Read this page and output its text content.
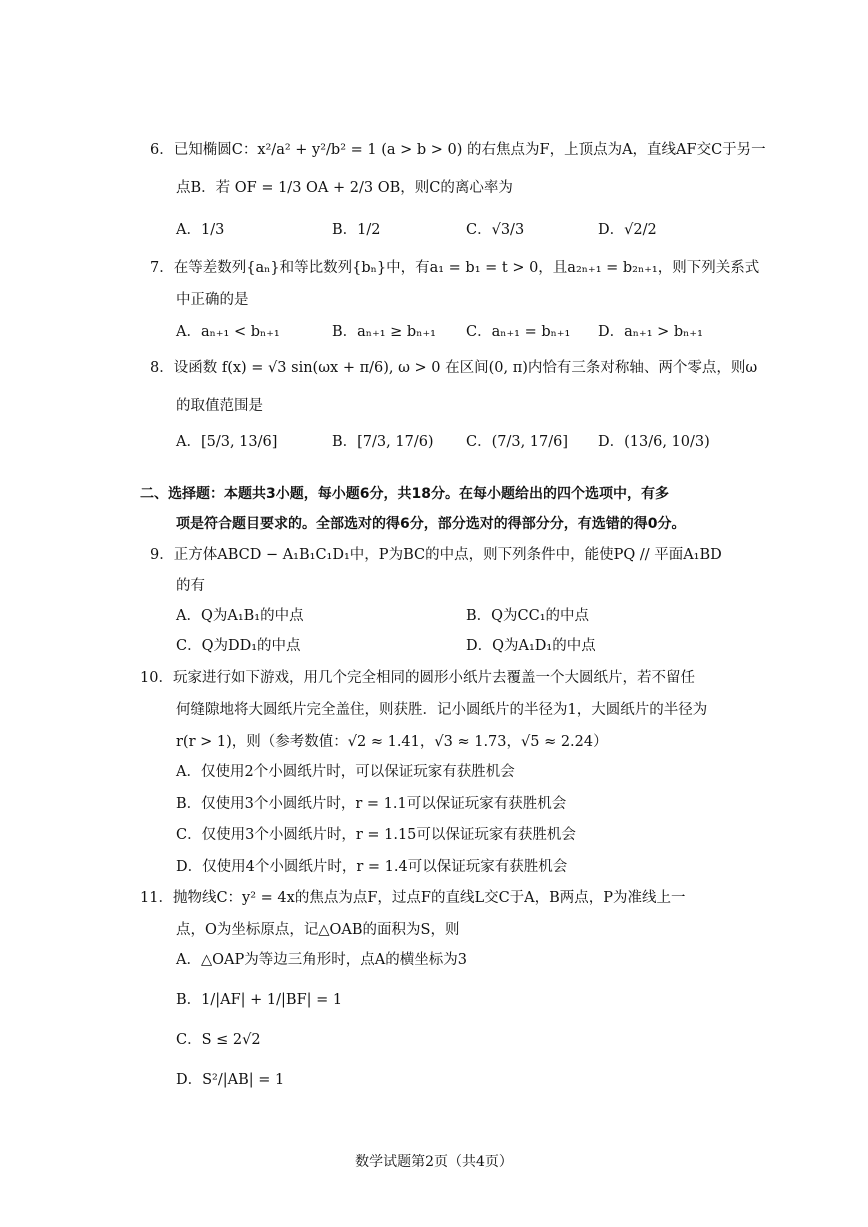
6．已知椭圆C：x²/a² + y²/b² = 1 (a > b > 0) 的右焦点为F，上顶点为A，直线AF交C于另一
点B．若 OF = 1/3 OA + 2/3 OB，则C的离心率为
A．1/3	B．1/2	C．√3/3	D．√2/2
7．在等差数列{aₙ}和等比数列{bₙ}中，有a₁ = b₁ = t > 0，且a₂ₙ₊₁ = b₂ₙ₊₁，则下列关系式
中正确的是
A．aₙ₊₁ < bₙ₊₁	B．aₙ₊₁ ≥ bₙ₊₁ C．aₙ₊₁ = bₙ₊₁ D．aₙ₊₁ > bₙ₊₁
8．设函数 f(x) = √3 sin(ωx + π/6), ω > 0 在区间(0, π)内恰有三条对称轴、两个零点，则ω
的取值范围是
A．[5/3, 13/6]	B．[7/3, 17/6) C．(7/3, 17/6] D．(13/6, 10/3)
二、选择题：本题共3小题，每小题6分，共18分。在每小题给出的四个选项中，有多
项是符合题目要求的。全部选对的得6分，部分选对的得部分分，有选错的得0分。
9．正方体ABCD − A₁B₁C₁D₁中，P为BC的中点，则下列条件中，能使PQ // 平面A₁BD
的有
A．Q为A₁B₁的中点	B．Q为CC₁的中点
C．Q为DD₁的中点	D．Q为A₁D₁的中点
10．玩家进行如下游戏，用几个完全相同的圆形小纸片去覆盖一个大圆纸片，若不留任
何缝隙地将大圆纸片完全盖住，则获胜．记小圆纸片的半径为1，大圆纸片的半径为
r(r > 1)，则（参考数值：√2 ≈ 1.41，√3 ≈ 1.73，√5 ≈ 2.24）
A．仅使用2个小圆纸片时，可以保证玩家有获胜机会
B．仅使用3个小圆纸片时，r = 1.1可以保证玩家有获胜机会
C．仅使用3个小圆纸片时，r = 1.15可以保证玩家有获胜机会
D．仅使用4个小圆纸片时，r = 1.4可以保证玩家有获胜机会
11．抛物线C：y² = 4x的焦点为点F，过点F的直线L交C于A，B两点，P为准线上一
点，O为坐标原点，记△OAB的面积为S，则
A．△OAP为等边三角形时，点A的横坐标为3
B．1/|AF| + 1/|BF| = 1
C．S ≤ 2√2
D．S²/|AB| = 1
数学试题第2页（共4页）
